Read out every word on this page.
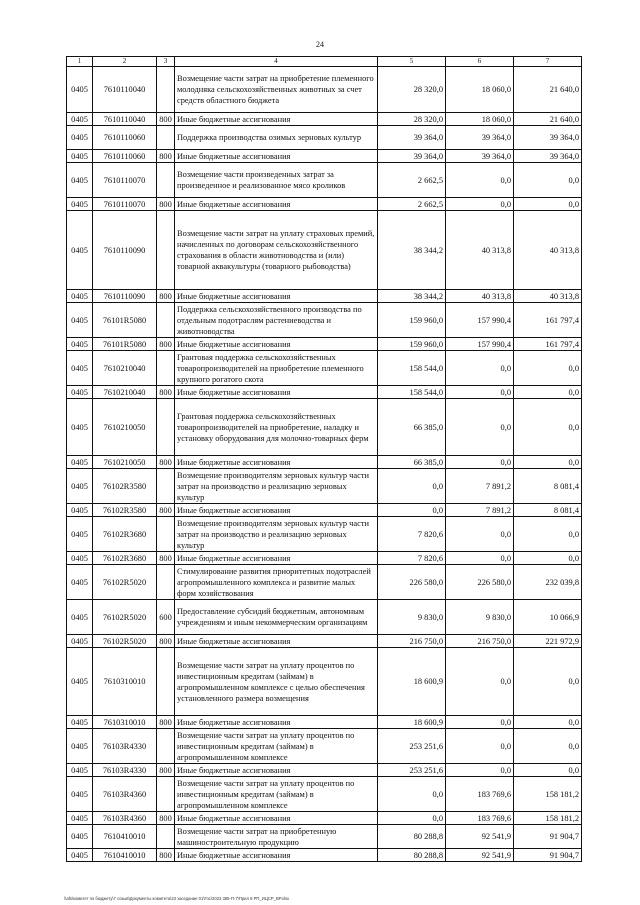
24
1	2	3	4	5	6	7
0405	7610110040		Возмещение части затрат на приобретение племенного молодняка сельскохозяйственных животных за счет средств областного бюджета	28 320,0	18 060,0	21 640,0
0405	7610110040	800	Иные бюджетные ассигнования	28 320,0	18 060,0	21 640,0
0405	7610110060		Поддержка производства озимых зерновых культур	39 364,0	39 364,0	39 364,0
0405	7610110060	800	Иные бюджетные ассигнования	39 364,0	39 364,0	39 364,0
0405	7610110070		Возмещение части произведенных затрат за произведенное и реализованное мясо кроликов	2 662,5	0,0	0,0
0405	7610110070	800	Иные бюджетные ассигнования	2 662,5	0,0	0,0
0405	7610110090		Возмещение части затрат на уплату страховых премий, начисленных по договорам сельскохозяйственного страхования в области животноводства и (или) товарной аквакультуры (товарного рыбоводства)	38 344,2	40 313,8	40 313,8
0405	7610110090	800	Иные бюджетные ассигнования	38 344,2	40 313,8	40 313,8
0405	76101R5080		Поддержка сельскохозяйственного производства по отдельным подотраслям растениеводства и животноводства	159 960,0	157 990,4	161 797,4
0405	76101R5080	800	Иные бюджетные ассигнования	159 960,0	157 990,4	161 797,4
0405	7610210040		Грантовая поддержка сельскохозяйственных товаропроизводителей на приобретение племенного крупного рогатого скота	158 544,0	0,0	0,0
0405	7610210040	800	Иные бюджетные ассигнования	158 544,0	0,0	0,0
0405	7610210050		Грантовая поддержка сельскохозяйственных товаропроизводителей на приобретение, наладку и установку оборудования для молочно-товарных ферм	66 385,0	0,0	0,0
0405	7610210050	800	Иные бюджетные ассигнования	66 385,0	0,0	0,0
0405	76102R3580		Возмещение производителям зерновых культур части затрат на производство и реализацию зерновых культур	0,0	7 891,2	8 081,4
0405	76102R3580	800	Иные бюджетные ассигнования	0,0	7 891,2	8 081,4
0405	76102R3680		Возмещение производителям зерновых культур части затрат на производство и реализацию зерновых культур	7 820,6	0,0	0,0
0405	76102R3680	800	Иные бюджетные ассигнования	7 820,6	0,0	0,0
0405	76102R5020		Стимулирование развития приоритетных подотраслей агропромышленного комплекса и развитие малых форм хозяйствования	226 580,0	226 580,0	232 039,8
0405	76102R5020	600	Предоставление субсидий бюджетным, автономным учреждениям и иным некоммерческим организациям	9 830,0	9 830,0	10 066,9
0405	76102R5020	800	Иные бюджетные ассигнования	216 750,0	216 750,0	221 972,9
0405	7610310010		Возмещение части затрат на уплату процентов по инвестиционным кредитам (займам) в агропромышленном комплексе с целью обеспечения установленного размера возмещения	18 600,9	0,0	0,0
0405	7610310010	800	Иные бюджетные ассигнования	18 600,9	0,0	0,0
0405	76103R4330		Возмещение части затрат на уплату процентов по инвестиционным кредитам (займам) в агропромышленном комплексе	253 251,6	0,0	0,0
0405	76103R4330	800	Иные бюджетные ассигнования	253 251,6	0,0	0,0
0405	76103R4360		Возмещение части затрат на уплату процентов по инвестиционным кредитам (займам) в агропромышленном комплексе	0,0	183 769,6	158 181,2
0405	76103R4360	800	Иные бюджетные ассигнования	0,0	183 769,6	158 181,2
0405	7610410010		Возмещение части затрат на приобретенную машиностроительную продукцию	80 288,8	92 541,9	91 904,7
0405	7610410010	800	Иные бюджетные ассигнования	80 288,8	92 541,9	91 904,7
\\afs\комитет по бюджету\7 созыв\Документы комитета\23 заседание 01\Гос\2023 385-П-7\Прил 8 РП_ИЦСР_ВР.xlsx
